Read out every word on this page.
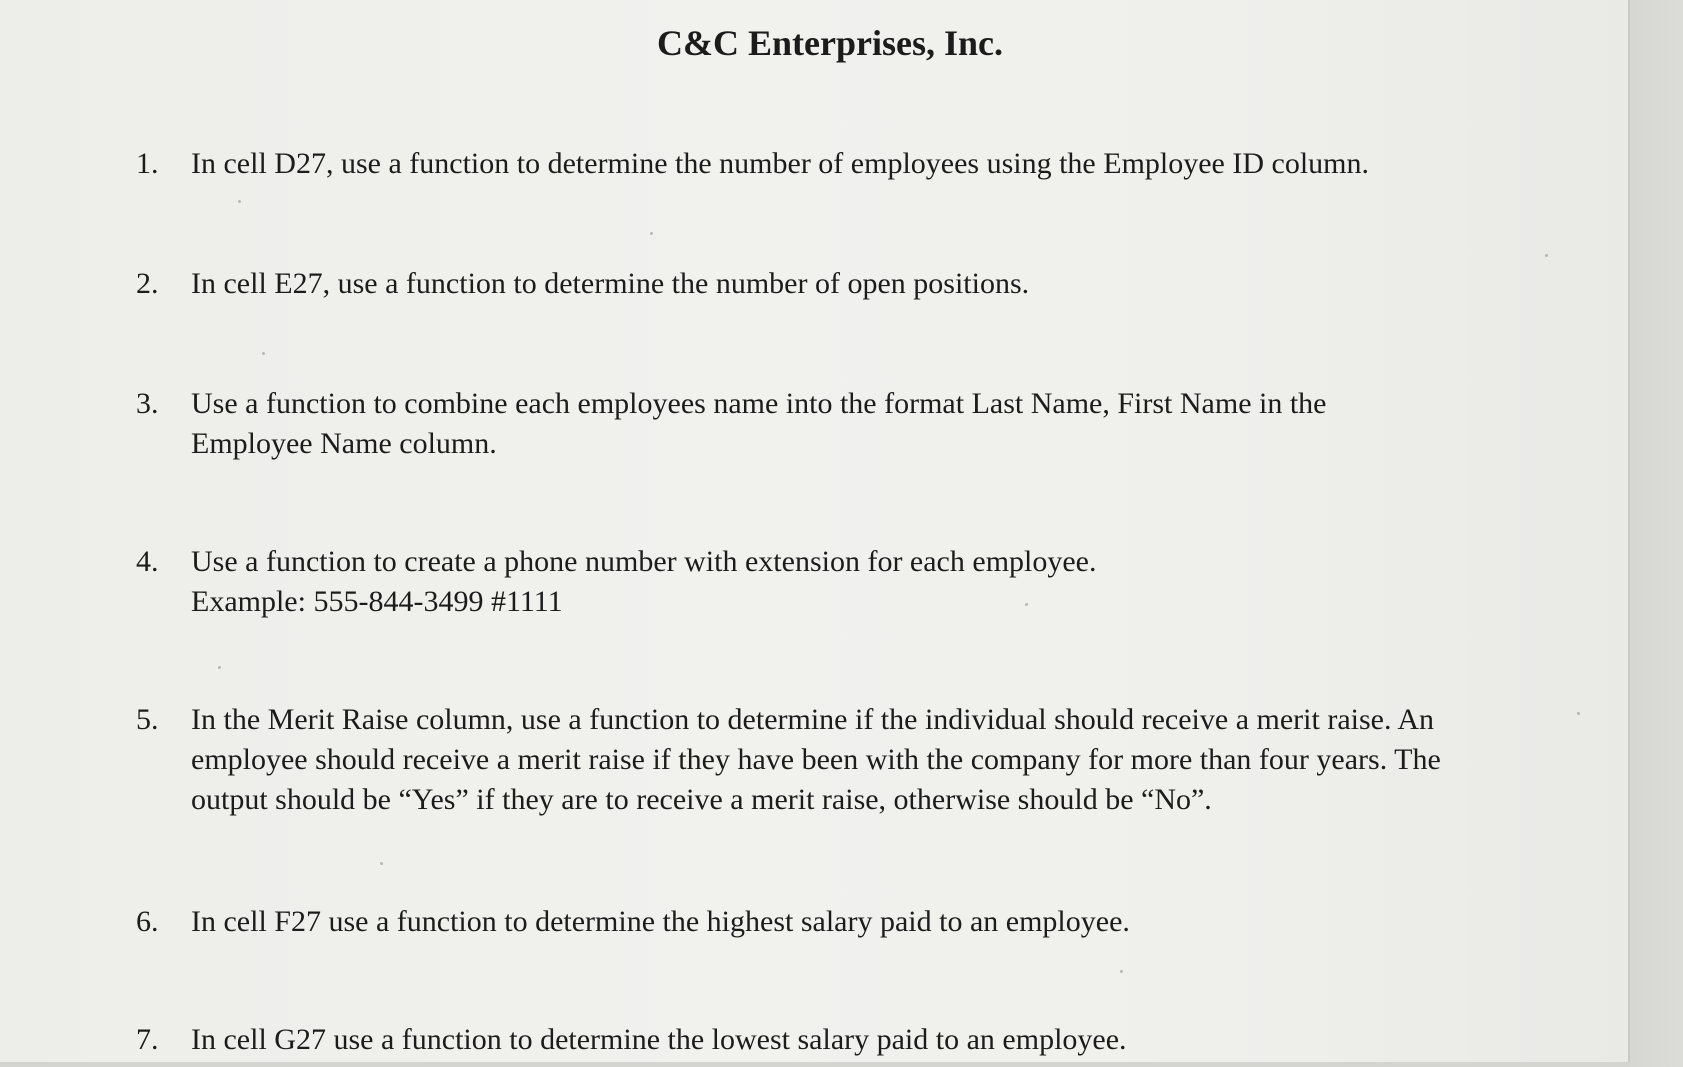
C&C Enterprises, Inc.
1. In cell D27, use a function to determine the number of employees using the Employee ID column.
2. In cell E27, use a function to determine the number of open positions.
3. Use a function to combine each employees name into the format Last Name, First Name in the
Employee Name column.
4. Use a function to create a phone number with extension for each employee.
Example: 555-844-3499 #1111
5. In the Merit Raise column, use a function to determine if the individual should receive a merit raise. An
employee should receive a merit raise if they have been with the company for more than four years. The
output should be “Yes” if they are to receive a merit raise, otherwise should be “No”.
6. In cell F27 use a function to determine the highest salary paid to an employee.
7. In cell G27 use a function to determine the lowest salary paid to an employee.
